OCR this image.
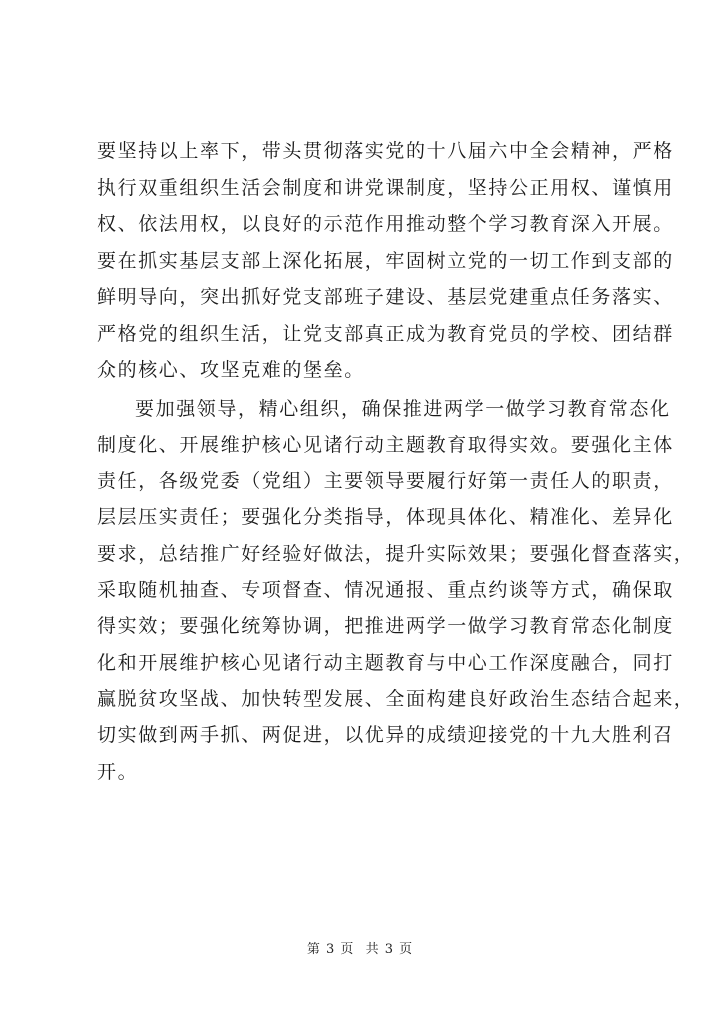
要坚持以上率下，带头贯彻落实党的十八届六中全会精神，严格
执行双重组织生活会制度和讲党课制度，坚持公正用权、谨慎用
权、依法用权，以良好的示范作用推动整个学习教育深入开展。
要在抓实基层支部上深化拓展，牢固树立党的一切工作到支部的
鲜明导向，突出抓好党支部班子建设、基层党建重点任务落实、
严格党的组织生活，让党支部真正成为教育党员的学校、团结群
众的核心、攻坚克难的堡垒。
要加强领导，精心组织，确保推进两学一做学习教育常态化
制度化、开展维护核心见诸行动主题教育取得实效。要强化主体
责任，各级党委（党组）主要领导要履行好第一责任人的职责，
层层压实责任；要强化分类指导，体现具体化、精准化、差异化
要求，总结推广好经验好做法，提升实际效果；要强化督查落实，
采取随机抽查、专项督查、情况通报、重点约谈等方式，确保取
得实效；要强化统筹协调，把推进两学一做学习教育常态化制度
化和开展维护核心见诸行动主题教育与中心工作深度融合，同打
赢脱贫攻坚战、加快转型发展、全面构建良好政治生态结合起来，
切实做到两手抓、两促进，以优异的成绩迎接党的十九大胜利召
开。
第 3 页 共 3 页
